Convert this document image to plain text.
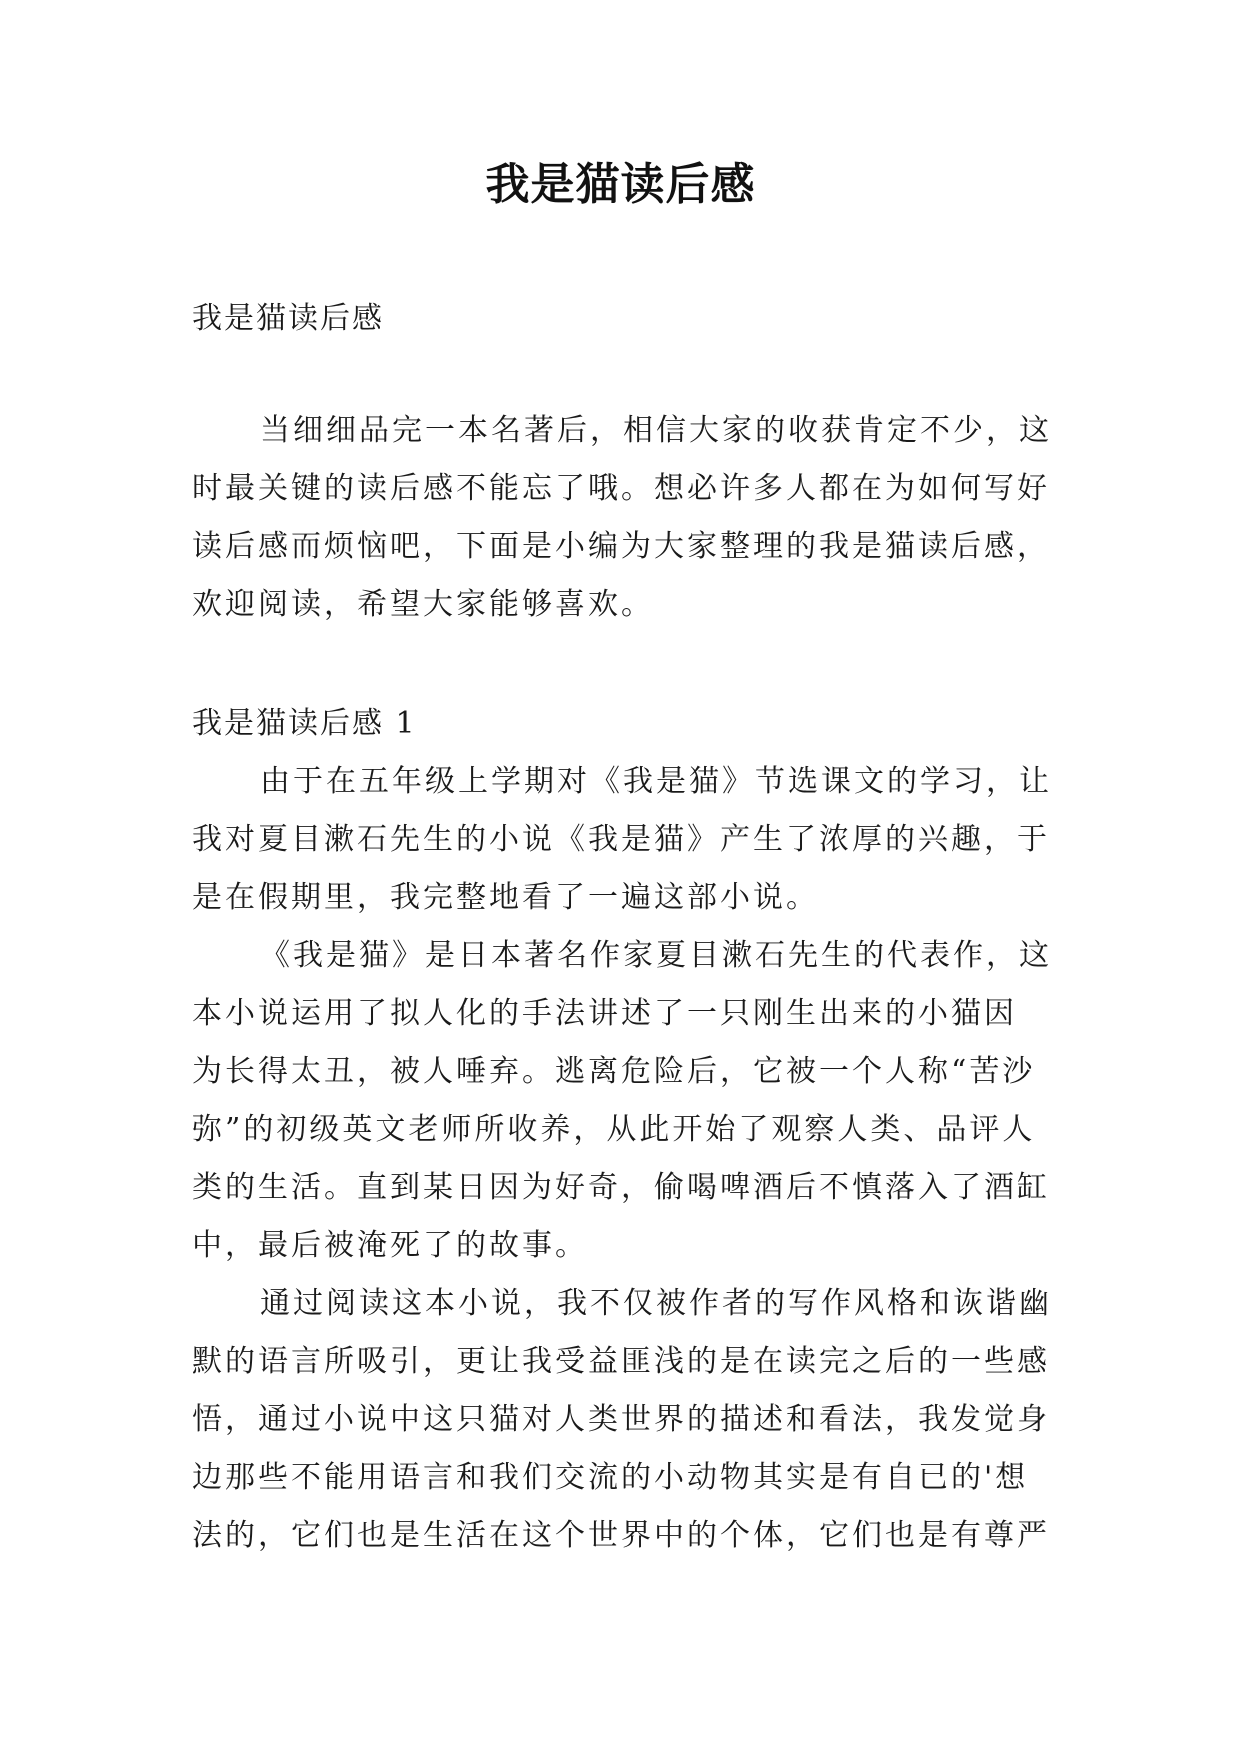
我是猫读后感
我是猫读后感
当细细品完一本名著后，相信大家的收获肯定不少，这
时最关键的读后感不能忘了哦。想必许多人都在为如何写好
读后感而烦恼吧，下面是小编为大家整理的我是猫读后感，
欢迎阅读，希望大家能够喜欢。
我是猫读后感 1
由于在五年级上学期对《我是猫》节选课文的学习，让
我对夏目漱石先生的小说《我是猫》产生了浓厚的兴趣，于
是在假期里，我完整地看了一遍这部小说。
《我是猫》是日本著名作家夏目漱石先生的代表作，这
本小说运用了拟人化的手法讲述了一只刚生出来的小猫因
为长得太丑，被人唾弃。逃离危险后，它被一个人称“苦沙
弥”的初级英文老师所收养，从此开始了观察人类、品评人
类的生活。直到某日因为好奇，偷喝啤酒后不慎落入了酒缸
中，最后被淹死了的故事。
通过阅读这本小说，我不仅被作者的写作风格和诙谐幽
默的语言所吸引，更让我受益匪浅的是在读完之后的一些感
悟，通过小说中这只猫对人类世界的描述和看法，我发觉身
边那些不能用语言和我们交流的小动物其实是有自已的'想
法的，它们也是生活在这个世界中的个体，它们也是有尊严
